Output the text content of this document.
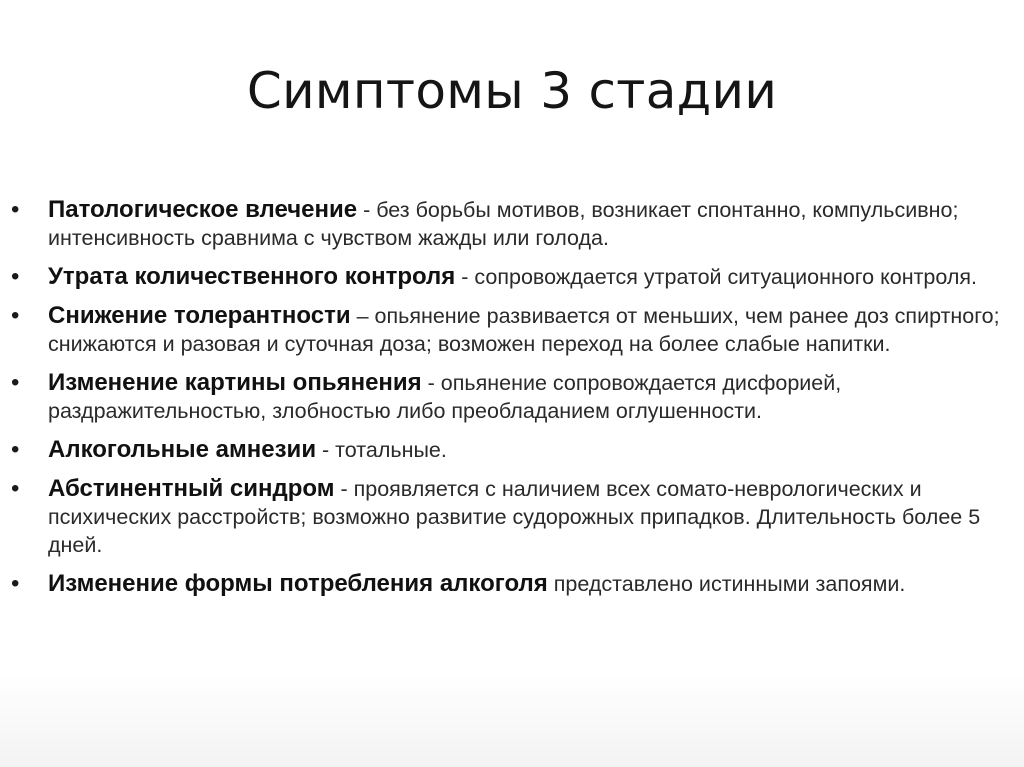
Симптомы 3 стадии
• Патологическое влечение - без борьбы мотивов, возникает спонтанно, компульсивно; интенсивность сравнима с чувством жажды или голода.
• Утрата количественного контроля - сопровождается утратой ситуационного контроля.
• Снижение толерантности – опьянение развивается от меньших, чем ранее доз спиртного; снижаются и разовая и суточная доза; возможен переход на более слабые напитки.
• Изменение картины опьянения - опьянение сопровождается дисфорией, раздражительностью, злобностью либо преобладанием оглушенности.
• Алкогольные амнезии - тотальные.
• Абстинентный синдром - проявляется с наличием всех сомато-неврологических и психических расстройств; возможно развитие судорожных припадков. Длительность более 5 дней.
• Изменение формы потребления алкоголя представлено истинными запоями.
